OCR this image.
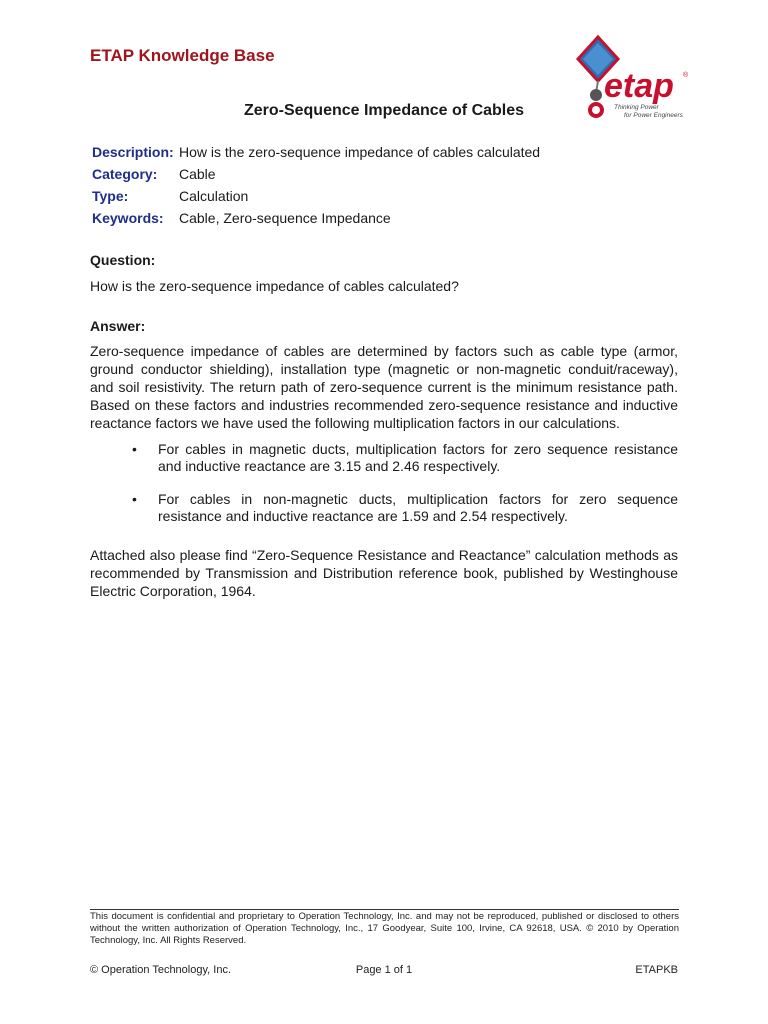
ETAP Knowledge Base
etap ®
Thinking Power
for Power Engineers
Zero-Sequence Impedance of Cables
Description: How is the zero-sequence impedance of cables calculated
Category:	Cable
Type:	Calculation
Keywords:	Cable, Zero-sequence Impedance
Question:
How is the zero-sequence impedance of cables calculated?
Answer:
Zero-sequence impedance of cables are determined by factors such as cable type (armor, ground conductor shielding), installation type (magnetic or non-magnetic conduit/raceway), and soil resistivity. The return path of zero-sequence current is the minimum resistance path. Based on these factors and industries recommended zero-sequence resistance and inductive reactance factors we have used the following multiplication factors in our calculations.
• For cables in magnetic ducts, multiplication factors for zero sequence resistance and inductive reactance are 3.15 and 2.46 respectively.
• For cables in non-magnetic ducts, multiplication factors for zero sequence resistance and inductive reactance are 1.59 and 2.54 respectively.
Attached also please find “Zero-Sequence Resistance and Reactance” calculation methods as recommended by Transmission and Distribution reference book, published by Westinghouse Electric Corporation, 1964.
This document is confidential and proprietary to Operation Technology, Inc. and may not be reproduced, published or disclosed to others without the written authorization of Operation Technology, Inc., 17 Goodyear, Suite 100, Irvine, CA 92618, USA. © 2010 by Operation Technology, Inc. All Rights Reserved.
© Operation Technology, Inc.	Page 1 of 1	ETAPKB
